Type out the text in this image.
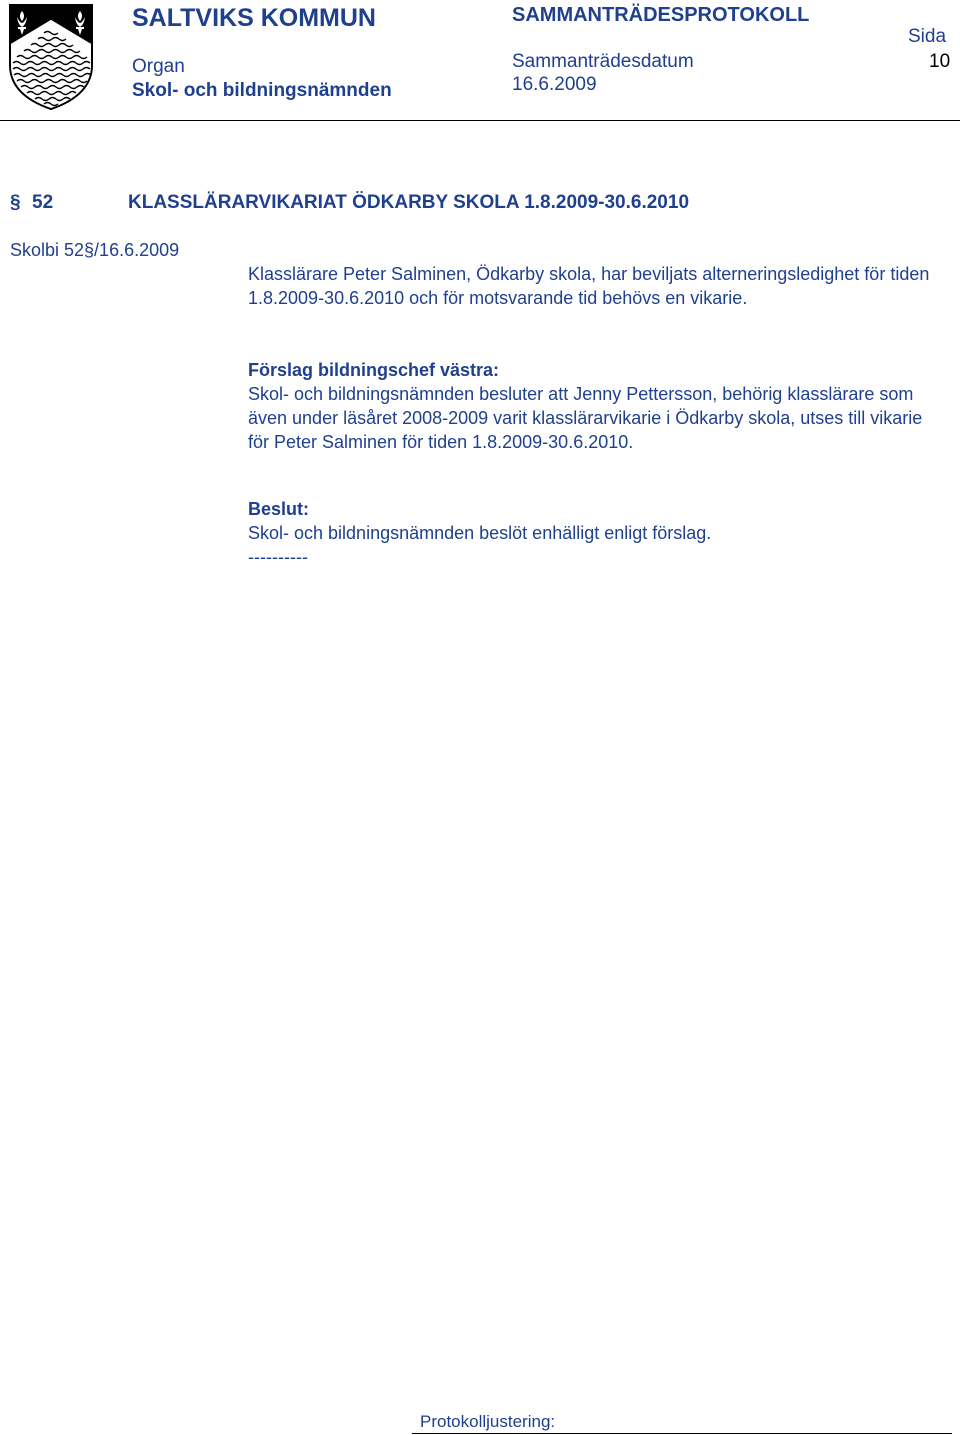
SALTVIKS KOMMUN	SAMMANTRÄDESPROTOKOLL
Sida
10
Organ
Skol- och bildningsnämnden
Sammanträdesdatum
16.6.2009
§ 52	KLASSLÄRARVIKARIAT ÖDKARBY SKOLA 1.8.2009-30.6.2010
Skolbi 52§/16.6.2009
Klasslärare Peter Salminen, Ödkarby skola, har beviljats alterneringsledighet för tiden 1.8.2009-30.6.2010 och för motsvarande tid behövs en vikarie.
Förslag bildningschef västra:
Skol- och bildningsnämnden besluter att Jenny Pettersson, behörig klasslärare som även under läsåret 2008-2009 varit klasslärarvikarie i Ödkarby skola, utses till vikarie för Peter Salminen för tiden 1.8.2009-30.6.2010.
Beslut:
Skol- och bildningsnämnden beslöt enhälligt enligt förslag.
----------
Protokolljustering:
